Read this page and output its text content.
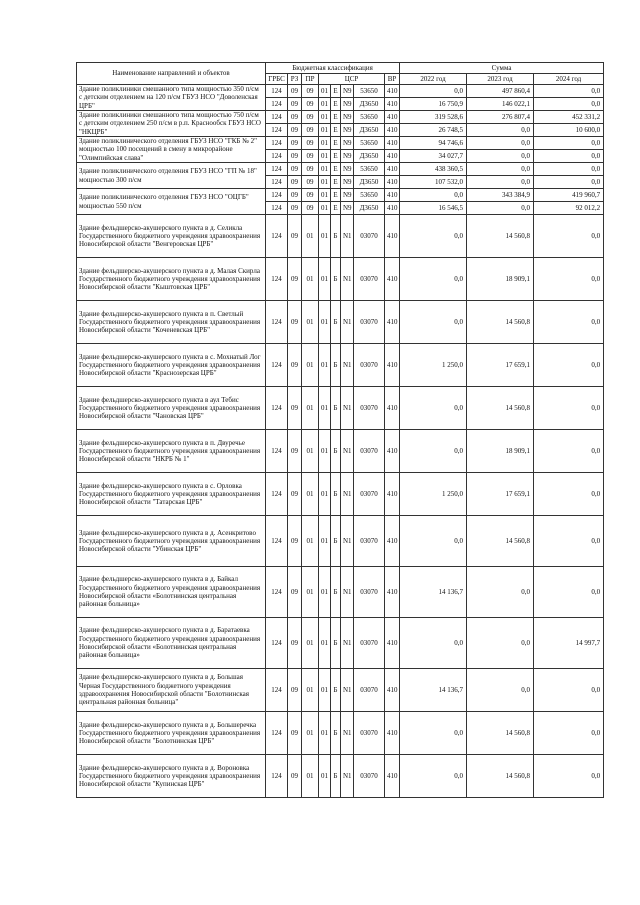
Наименование направлений и объектов	Бюджетная классификация								Сумма		
	ГРБС	РЗ	ПР	ЦСР				ВР	2022 год	2023 год	2024 год
Здание поликлиники смешанного типа мощностью 350 п/см с детским отделением на 120 п/см ГБУЗ НСО "Доволенская ЦРБ"	124	09	09	01	Е	N9	53650	410	0,0	497 860,4	0,0
	124	09	09	01	Е	N9	Д3650	410	16 750,9	146 022,1	0,0
Здание поликлиники смешанного типа мощностью 750 п/см с детским отделением 250 п/см в р.п. Краснообск ГБУЗ НСО "НКЦРБ"	124	09	09	01	Е	N9	53650	410	319 528,6	276 807,4	452 331,2
	124	09	09	01	Е	N9	Д3650	410	26 748,5	0,0	10 600,0
Здание поликлинического отделения ГБУЗ НСО "ГКБ № 2" мощностью 100 посещений в смену в микрорайоне "Олимпийская слава"	124	09	09	01	Е	N9	53650	410	94 746,6	0,0	0,0
	124	09	09	01	Е	N9	Д3650	410	34 027,7	0,0	0,0
Здание поликлинического отделения ГБУЗ НСО "ГП № 18" мощностью 300 п/см	124	09	09	01	Е	N9	53650	410	438 360,5	0,0	0,0
	124	09	09	01	Е	N9	Д3650	410	107 532,0	0,0	0,0
Здание поликлинического отделения ГБУЗ НСО "ОЦГБ" мощностью 550 п/см	124	09	09	01	Е	N9	53650	410	0,0	343 384,9	419 960,7
	124	09	09	01	Е	N9	Д3650	410	16 546,5	0,0	92 012,2
Здание фельдшерско-акушерского пункта в д. Селикла Государственного бюджетного учреждения здравоохранения Новосибирской области "Венгеровская ЦРБ"	124	09	01	01	Б	N1	03070	410	0,0	14 560,8	0,0
Здание фельдшерско-акушерского пункта в д. Малая Скирла Государственного бюджетного учреждения здравоохранения Новосибирской области "Кыштовская ЦРБ"	124	09	01	01	Б	N1	03070	410	0,0	18 909,1	0,0
Здание фельдшерско-акушерского пункта в п. Светлый Государственного бюджетного учреждения здравоохранения Новосибирской области "Коченевская ЦРБ"	124	09	01	01	Б	N1	03070	410	0,0	14 560,8	0,0
Здание фельдшерско-акушерского пункта в с. Мохнатый Лог Государственного бюджетного учреждения здравоохранения Новосибирской области "Краснозерская ЦРБ"	124	09	01	01	Б	N1	03070	410	1 250,0	17 659,1	0,0
Здание фельдшерско-акушерского пункта в аул Тебис Государственного бюджетного учреждения здравоохранения Новосибирской области "Чановская ЦРБ"	124	09	01	01	Б	N1	03070	410	0,0	14 560,8	0,0
Здание фельдшерско-акушерского пункта в п. Двуречье Государственного бюджетного учреждения здравоохранения Новосибирской области "НКРБ № 1"	124	09	01	01	Б	N1	03070	410	0,0	18 909,1	0,0
Здание фельдшерско-акушерского пункта в с. Орловка Государственного бюджетного учреждения здравоохранения Новосибирской области "Татарская ЦРБ"	124	09	01	01	Б	N1	03070	410	1 250,0	17 659,1	0,0
Здание фельдшерско-акушерского пункта в д. Асенкритово Государственного бюджетного учреждения здравоохранения Новосибирской области "Убинская ЦРБ"	124	09	01	01	Б	N1	03070	410	0,0	14 560,8	0,0
Здание фельдшерско-акушерского пункта в д. Байкал Государственного бюджетного учреждения здравоохранения Новосибирской области «Болотнинская центральная районная больница»	124	09	01	01	Б	N1	03070	410	14 136,7	0,0	0,0
Здание фельдшерско-акушерского пункта в д. Баратаевка Государственного бюджетного учреждения здравоохранения Новосибирской области «Болотнинская центральная районная больница»	124	09	01	01	Б	N1	03070	410	0,0	0,0	14 997,7
Здание фельдшерско-акушерского пункта в д. Большая Черная Государственного бюджетного учреждения здравоохранения Новосибирской области "Болотнинская центральная районная больница"	124	09	01	01	Б	N1	03070	410	14 136,7	0,0	0,0
Здание фельдшерско-акушерского пункта в д. Большеречка Государственного бюджетного учреждения здравоохранения Новосибирской области "Болотнинская ЦРБ"	124	09	01	01	Б	N1	03070	410	0,0	14 560,8	0,0
Здание фельдшерско-акушерского пункта в д. Вороновка Государственного бюджетного учреждения здравоохранения Новосибирской области "Купинская ЦРБ"	124	09	01	01	Б	N1	03070	410	0,0	14 560,8	0,0
